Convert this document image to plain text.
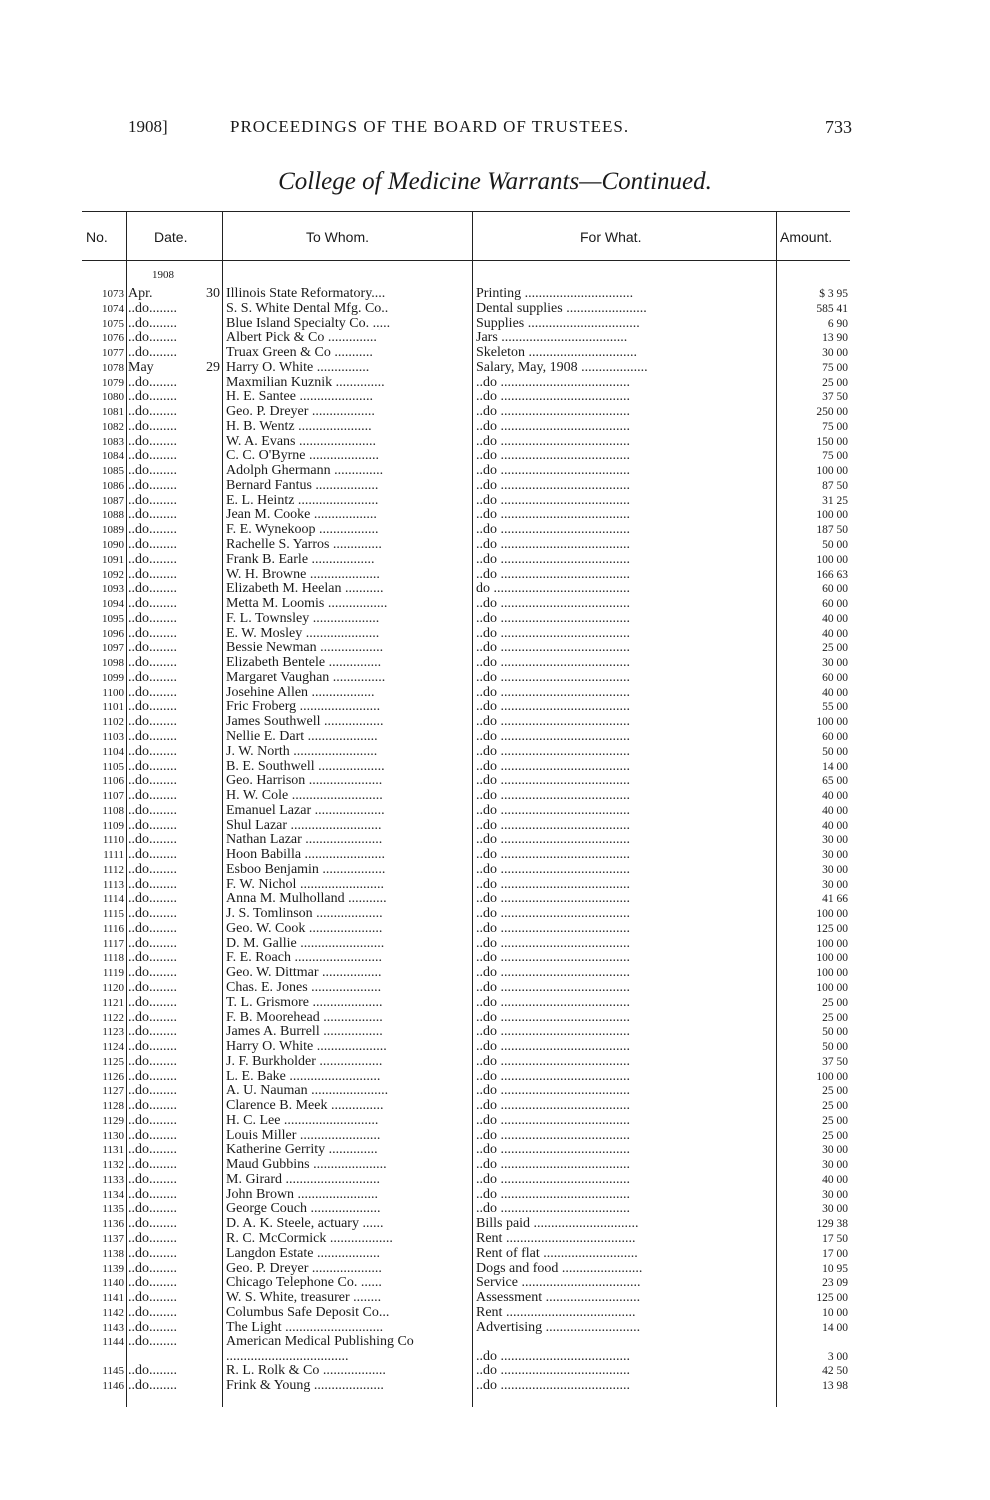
1908]	PROCEEDINGS OF THE BOARD OF TRUSTEES.	733
College of Medicine Warrants—Continued.
No.	Date.	To Whom.	For What.	Amount.
1908
1073 Apr.	30 Illinois State Reformatory....	Printing ...............................	$ 3 95
1074 ..do........	S. S. White Dental Mfg. Co..	Dental supplies .......................	585 41
1075 ..do........	Blue Island Specialty Co. .....	Supplies ................................	6 90
1076 ..do........	Albert Pick & Co ..............	Jars ....................................	13 90
1077 ..do........	Truax Green & Co ...........	Skeleton ...............................	30 00
1078 May	29 Harry O. White ...............	Salary, May, 1908 ...................	75 00
1079 ..do........	Maxmilian Kuznik ..............	..do .....................................	25 00
1080 ..do........	H. E. Santee .....................	..do .....................................	37 50
1081 ..do........	Geo. P. Dreyer ..................	..do .....................................	250 00
1082 ..do........	H. B. Wentz .....................	..do .....................................	75 00
1083 ..do........	W. A. Evans ......................	..do .....................................	150 00
1084 ..do........	C. C. O'Byrne ....................	..do .....................................	75 00
1085 ..do........	Adolph Ghermann ..............	..do .....................................	100 00
1086 ..do........	Bernard Fantus ..................	..do .....................................	87 50
1087 ..do........	E. L. Heintz .......................	..do .....................................	31 25
1088 ..do........	Jean M. Cooke ..................	..do .....................................	100 00
1089 ..do........	F. E. Wynekoop .................	..do .....................................	187 50
1090 ..do........	Rachelle S. Yarros ..............	..do .....................................	50 00
1091 ..do........	Frank B. Earle ..................	..do .....................................	100 00
1092 ..do........	W. H. Browne ....................	..do .....................................	166 63
1093 ..do........	Elizabeth M. Heelan ...........	do .......................................	60 00
1094 ..do........	Metta M. Loomis .................	..do .....................................	60 00
1095 ..do........	F. L. Townsley ...................	..do .....................................	40 00
1096 ..do........	E. W. Mosley .....................	..do .....................................	40 00
1097 ..do........	Bessie Newman ..................	..do .....................................	25 00
1098 ..do........	Elizabeth Bentele ...............	..do .....................................	30 00
1099 ..do........	Margaret Vaughan ...............	..do .....................................	60 00
1100 ..do........	Josehine Allen ..................	..do .....................................	40 00
1101 ..do........	Fric Froberg .......................	..do .....................................	55 00
1102 ..do........	James Southwell .................	..do .....................................	100 00
1103 ..do........	Nellie E. Dart ....................	..do .....................................	60 00
1104 ..do........	J. W. North ........................	..do .....................................	50 00
1105 ..do........	B. E. Southwell ...................	..do .....................................	14 00
1106 ..do........	Geo. Harrison .....................	..do .....................................	65 00
1107 ..do........	H. W. Cole ..........................	..do .....................................	40 00
1108 ..do........	Emanuel Lazar ....................	..do .....................................	40 00
1109 ..do........	Shul Lazar ..........................	..do .....................................	40 00
1110 ..do........	Nathan Lazar ......................	..do .....................................	30 00
1111 ..do........	Hoon Babilla .......................	..do .....................................	30 00
1112 ..do........	Esboo Benjamin ..................	..do .....................................	30 00
1113 ..do........	F. W. Nichol ........................	..do .....................................	30 00
1114 ..do........	Anna M. Mulholland ...........	..do .....................................	41 66
1115 ..do........	J. S. Tomlinson ...................	..do .....................................	100 00
1116 ..do........	Geo. W. Cook .....................	..do .....................................	125 00
1117 ..do........	D. M. Gallie ........................	..do .....................................	100 00
1118 ..do........	F. E. Roach .........................	..do .....................................	100 00
1119 ..do........	Geo. W. Dittmar .................	..do .....................................	100 00
1120 ..do........	Chas. E. Jones ....................	..do .....................................	100 00
1121 ..do........	T. L. Grismore ....................	..do .....................................	25 00
1122 ..do........	F. B. Moorehead .................	..do .....................................	25 00
1123 ..do........	James A. Burrell .................	..do .....................................	50 00
1124 ..do........	Harry O. White ....................	..do .....................................	50 00
1125 ..do........	J. F. Burkholder ..................	..do .....................................	37 50
1126 ..do........	L. E. Bake ..........................	..do .....................................	100 00
1127 ..do........	A. U. Nauman ......................	..do .....................................	25 00
1128 ..do........	Clarence B. Meek ...............	..do .....................................	25 00
1129 ..do........	H. C. Lee ...........................	..do .....................................	25 00
1130 ..do........	Louis Miller .......................	..do .....................................	25 00
1131 ..do........	Katherine Gerrity ..............	..do .....................................	30 00
1132 ..do........	Maud Gubbins .....................	..do .....................................	30 00
1133 ..do........	M. Girard ...........................	..do .....................................	40 00
1134 ..do........	John Brown .......................	..do .....................................	30 00
1135 ..do........	George Couch ....................	..do .....................................	30 00
1136 ..do........	D. A. K. Steele, actuary ......	Bills paid ..............................	129 38
1137 ..do........	R. C. McCormick ..................	Rent .....................................	17 50
1138 ..do........	Langdon Estate ..................	Rent of flat ...........................	17 00
1139 ..do........	Geo. P. Dreyer ....................	Dogs and food .......................	10 95
1140 ..do........	Chicago Telephone Co. ......	Service ..................................	23 09
1141 ..do........	W. S. White, treasurer ........	Assessment ...........................	125 00
1142 ..do........	Columbus Safe Deposit Co...	Rent .....................................	10 00
1143 ..do........	The Light ............................	Advertising ...........................	14 00
1144 ..do........	American Medical Publishing Co ...................................	..do .....................................	3 00
1145 ..do........	R. L. Rolk & Co ..................	..do .....................................	42 50
1146 ..do........	Frink & Young ....................	..do .....................................	13 98
